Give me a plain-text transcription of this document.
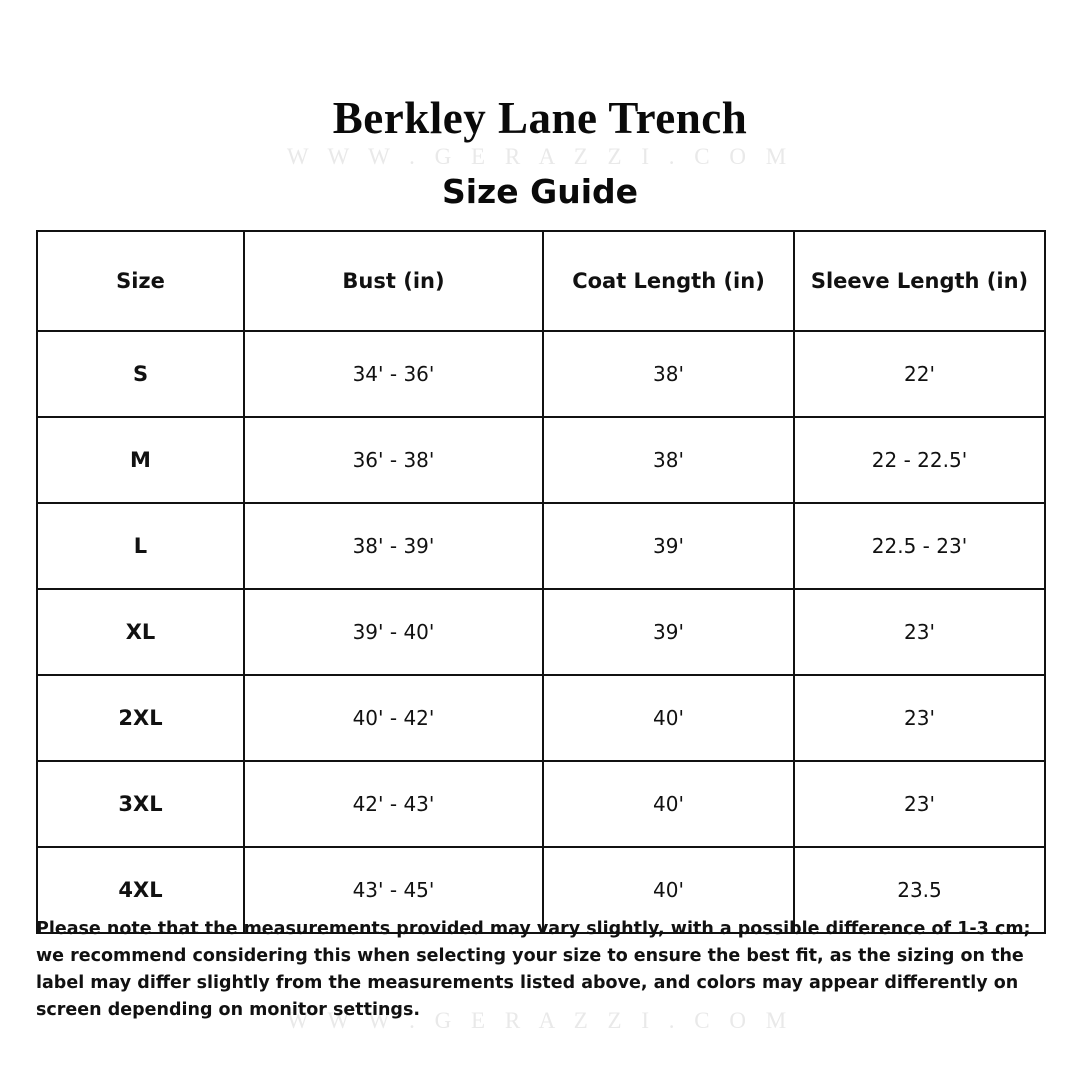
W W W . G E R A Z Z I . C O M
Berkley Lane Trench
Size Guide
Size	Bust (in)	Coat Length (in)	Sleeve Length (in)
S	34' - 36'	38'	22'
M	36' - 38'	38'	22 - 22.5'
L	38' - 39'	39'	22.5 - 23'
XL	39' - 40'	39'	23'
2XL	40' - 42'	40'	23'
3XL	42' - 43'	40'	23'
4XL	43' - 45'	40'	23.5
Please note that the measurements provided may vary slightly, with a possible difference of 1-3 cm; we recommend considering this when selecting your size to ensure the best fit, as the sizing on the label may differ slightly from the measurements listed above, and colors may appear differently on screen depending on monitor settings.
W W W . G E R A Z Z I . C O M
